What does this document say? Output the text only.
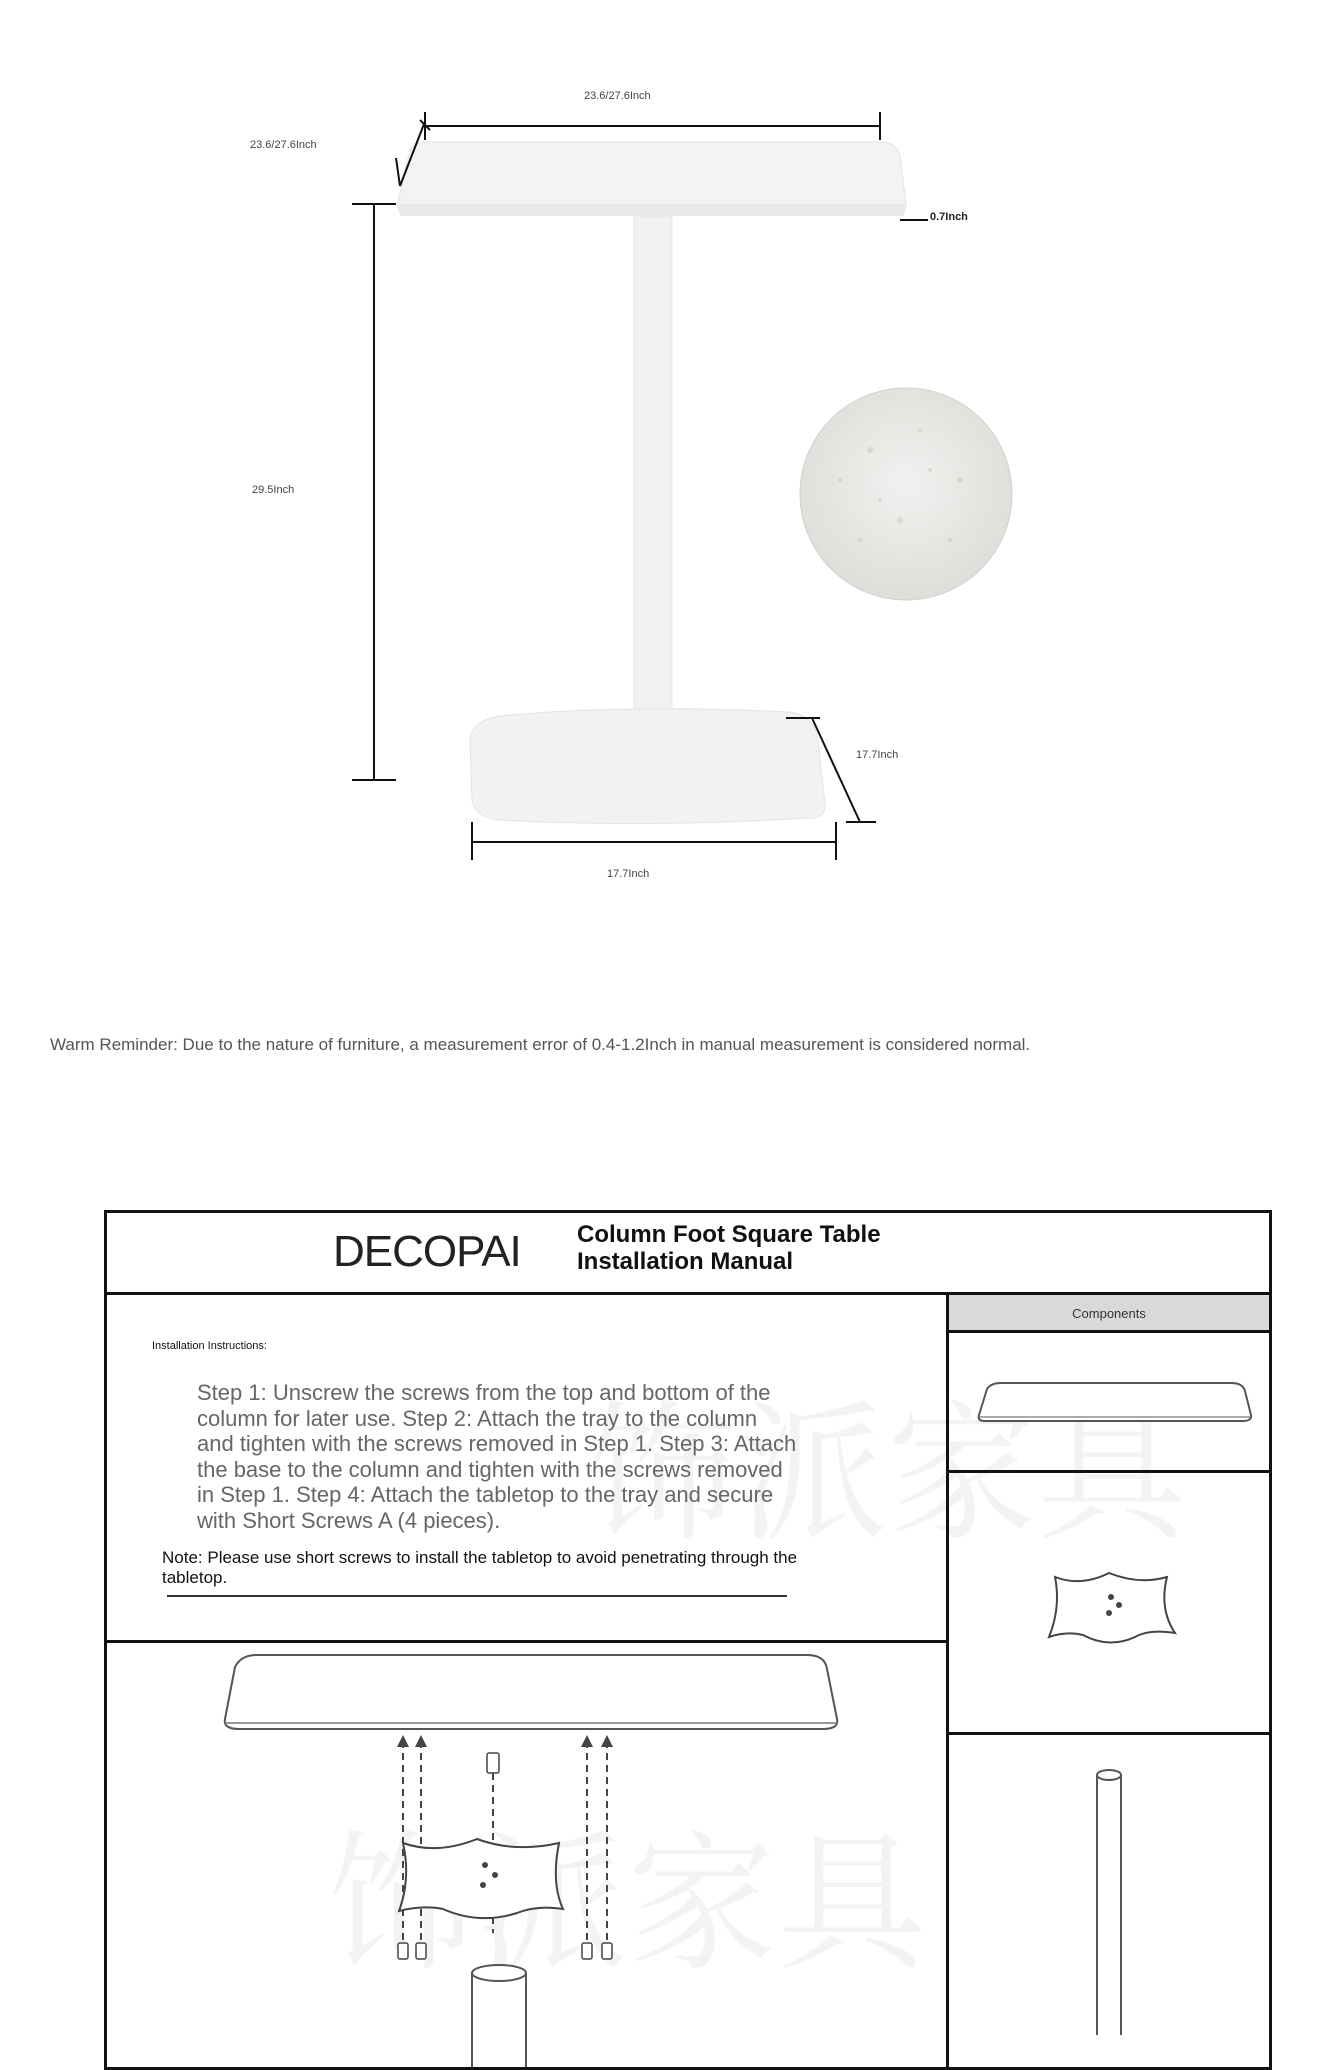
23.6/27.6Inch
23.6/27.6Inch
0.7Inch
29.5Inch
17.7Inch
17.7Inch
Warm Reminder: Due to the nature of furniture, a measurement error of 0.4-1.2Inch in manual measurement is considered normal.
DECOPAI Column Foot Square Table
Installation Manual
Installation Instructions:
Step 1: Unscrew the screws from the top and bottom of the column for later use. Step 2: Attach the tray to the column and tighten with the screws removed in Step 1. Step 3: Attach the base to the column and tighten with the screws removed in Step 1. Step 4: Attach the tabletop to the tray and secure with Short Screws A (4 pieces).
Note: Please use short screws to install the tabletop to avoid penetrating through the tabletop.
Components
